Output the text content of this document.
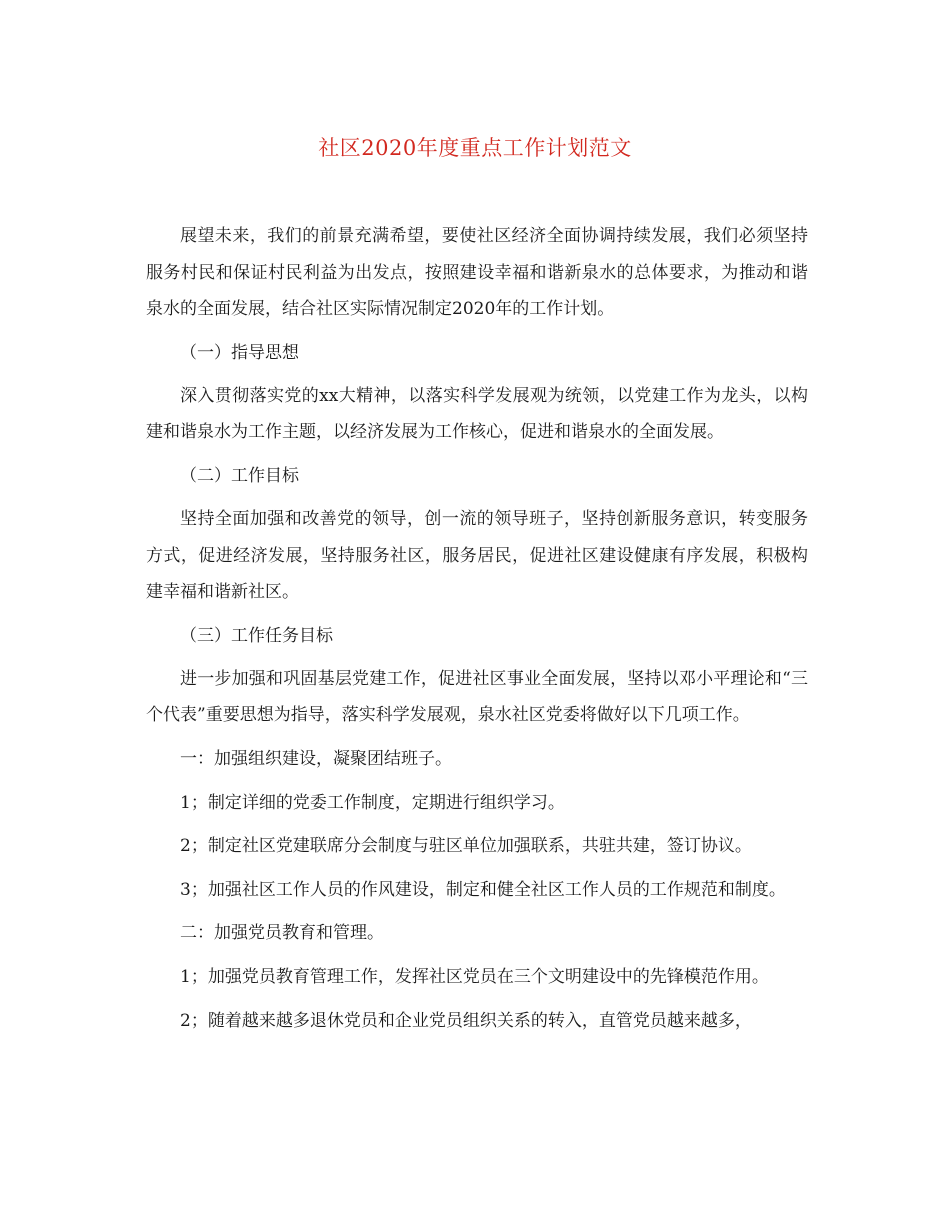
社区2020年度重点工作计划范文

展望未来，我们的前景充满希望，要使社区经济全面协调持续发展，我们必须坚持服务村民和保证村民利益为出发点，按照建设幸福和谐新泉水的总体要求，为推动和谐泉水的全面发展，结合社区实际情况制定2020年的工作计划。

（一）指导思想

深入贯彻落实党的xx大精神，以落实科学发展观为统领，以党建工作为龙头，以构建和谐泉水为工作主题，以经济发展为工作核心，促进和谐泉水的全面发展。

（二）工作目标

坚持全面加强和改善党的领导，创一流的领导班子，坚持创新服务意识，转变服务方式，促进经济发展，坚持服务社区，服务居民，促进社区建设健康有序发展，积极构建幸福和谐新社区。

（三）工作任务目标

进一步加强和巩固基层党建工作，促进社区事业全面发展，坚持以邓小平理论和“三个代表”重要思想为指导，落实科学发展观，泉水社区党委将做好以下几项工作。

一：加强组织建设，凝聚团结班子。

1；制定详细的党委工作制度，定期进行组织学习。

2；制定社区党建联席分会制度与驻区单位加强联系，共驻共建，签订协议。

3；加强社区工作人员的作风建设，制定和健全社区工作人员的工作规范和制度。

二：加强党员教育和管理。

1；加强党员教育管理工作，发挥社区党员在三个文明建设中的先锋模范作用。

2；随着越来越多退休党员和企业党员组织关系的转入，直管党员越来越多，
